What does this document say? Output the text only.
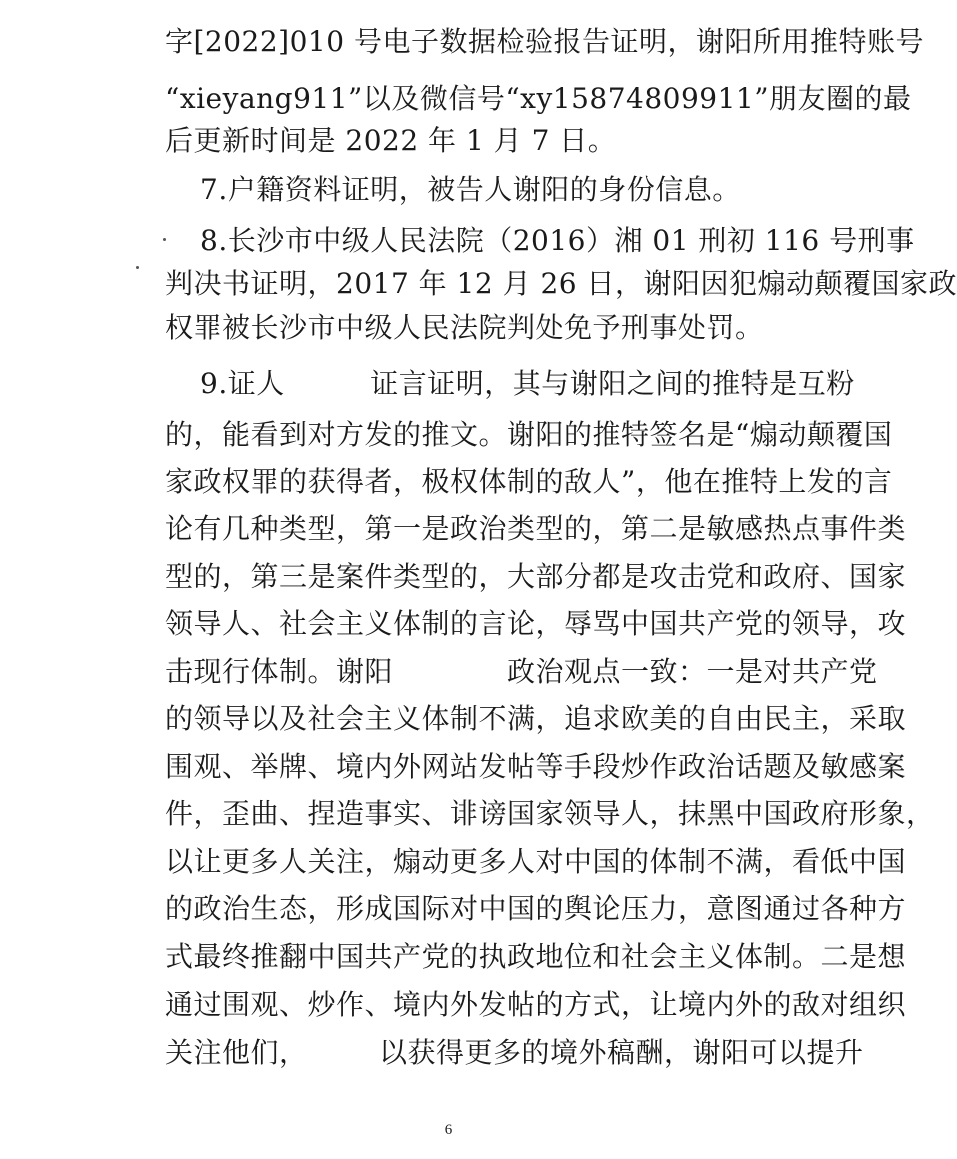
字[2022]010 号电子数据检验报告证明，谢阳所用推特账号
“xieyang911”以及微信号“xy15874809911”朋友圈的最
后更新时间是 2022 年 1 月 7 日。
7.户籍资料证明，被告人谢阳的身份信息。
8.长沙市中级人民法院（2016）湘 01 刑初 116 号刑事
判决书证明，2017 年 12 月 26 日，谢阳因犯煽动颠覆国家政
权罪被长沙市中级人民法院判处免予刑事处罚。
9.证人　　　证言证明，其与谢阳之间的推特是互粉
的，能看到对方发的推文。谢阳的推特签名是“煽动颠覆国
家政权罪的获得者，极权体制的敌人”，他在推特上发的言
论有几种类型，第一是政治类型的，第二是敏感热点事件类
型的，第三是案件类型的，大部分都是攻击党和政府、国家
领导人、社会主义体制的言论，辱骂中国共产党的领导，攻
击现行体制。谢阳　　　　政治观点一致：一是对共产党
的领导以及社会主义体制不满，追求欧美的自由民主，采取
围观、举牌、境内外网站发帖等手段炒作政治话题及敏感案
件，歪曲、捏造事实、诽谤国家领导人，抹黑中国政府形象，
以让更多人关注，煽动更多人对中国的体制不满，看低中国
的政治生态，形成国际对中国的舆论压力，意图通过各种方
式最终推翻中国共产党的执政地位和社会主义体制。二是想
通过围观、炒作、境内外发帖的方式，让境内外的敌对组织
关注他们，　　　以获得更多的境外稿酬，谢阳可以提升
6
